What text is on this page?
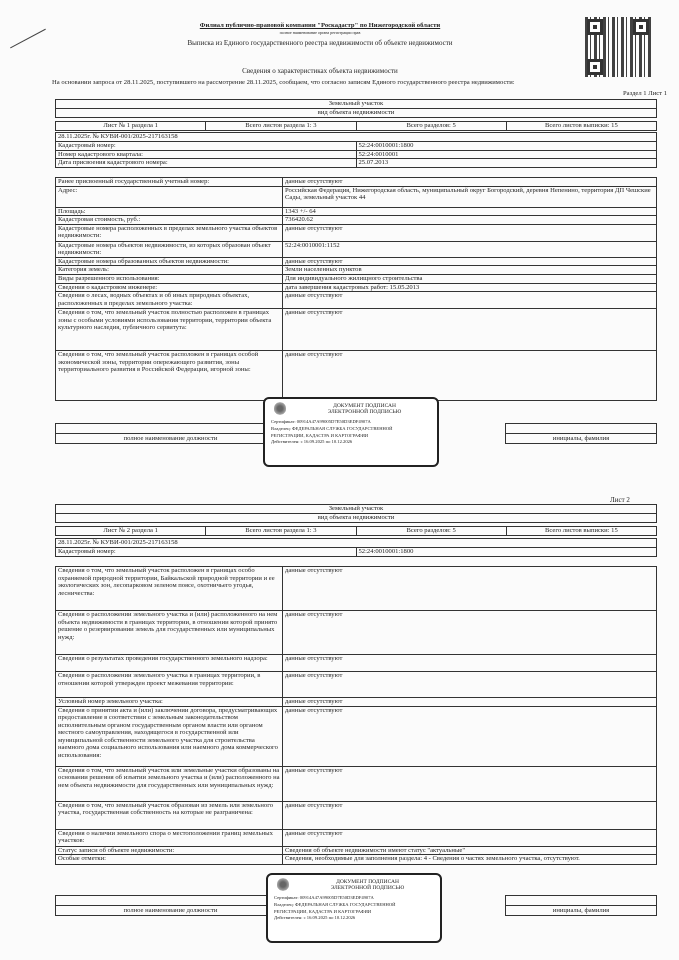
Филиал публично-правовой компании "Роскадастр" по Нижегородской области
полное наименование органа регистрации прав
Выписка из Единого государственного реестра недвижимости об объекте недвижимости
Сведения о характеристиках объекта недвижимости
На основании запроса от 28.11.2025, поступившего на рассмотрение 28.11.2025, сообщаем, что согласно записям Единого государственного реестра недвижимости:
Раздел 1 Лист 1
Земельный участок
вид объекта недвижимости
Лист № 1 раздела 1	Всего листов раздела 1: 3	Всего разделов: 5	Всего листов выписки: 15
28.11.2025г. № КУВИ-001/2025-217163158	
Кадастровый номер:	52:24:0010001:1800
Номер кадастрового квартала:	52:24:0010001
Дата присвоения кадастрового номера:	25.07.2013
Ранее присвоенный государственный учетный номер:	данные отсутствуют
Адрес:	Российская Федерация, Нижегородская область, муниципальный округ Богородский, деревня Непенино, территория ДП Чешские Сады, земельный участок 44
Площадь:	1343 +/- 64
Кадастровая стоимость, руб.:	736420.62
Кадастровые номера расположенных в пределах земельного участка объектов недвижимости:	данные отсутствуют
Кадастровые номера объектов недвижимости, из которых образован объект недвижимости:	52:24:0010001:1152
Кадастровые номера образованных объектов недвижимости:	данные отсутствуют
Категория земель:	Земли населенных пунктов
Виды разрешенного использования:	Для индивидуального жилищного строительства
Сведения о кадастровом инженере:	дата завершения кадастровых работ: 15.05.2013
Сведения о лесах, водных объектах и об иных природных объектах, расположенных в пределах земельного участка:	данные отсутствуют
Сведения о том, что земельный участок полностью расположен в границах зоны с особыми условиями использования территории, территории объекта культурного наследия, публичного сервитута:	данные отсутствуют
Сведения о том, что земельный участок расположен в границах особой экономической зоны, территории опережающего развития, зоны территориального развития в Российской Федерации, игорной зоны:	данные отсутствуют
ДОКУМЕНТ ПОДПИСАН
ЭЛЕКТРОННОЙ ПОДПИСЬЮ
Сертификат: 00914A47A99005D7E50D3EDF4907A
Владелец: ФЕДЕРАЛЬНАЯ СЛУЖБА ГОСУДАРСТВЕННОЙ
РЕГИСТРАЦИИ, КАДАСТРА И КАРТОГРАФИИ
Действителен: с 16.09.2025 по 10.12.2026

полное наименование должности		инициалы, фамилия
Лист 2
Земельный участок
вид объекта недвижимости
Лист № 2 раздела 1	Всего листов раздела 1: 3	Всего разделов: 5	Всего листов выписки: 15
28.11.2025г. № КУВИ-001/2025-217163158
Кадастровый номер:	52:24:0010001:1800
Сведения о том, что земельный участок расположен в границах особо охраняемой природной территории, Байкальской природной территории и ее экологических зон, лесопарковом зеленом поясе, охотничьего угодья, лесничества:	данные отсутствуют
Сведения о расположении земельного участка и (или) расположенного на нем объекта недвижимости в границах территории, в отношении которой принято решение о резервировании земель для государственных или муниципальных нужд:	данные отсутствуют
Сведения о результатах проведения государственного земельного надзора:	данные отсутствуют
Сведения о расположении земельного участка в границах территории, в отношении которой утвержден проект межевания территории:	данные отсутствуют
Условный номер земельного участка:	данные отсутствуют
Сведения о принятии акта и (или) заключении договора, предусматривающих предоставление в соответствии с земельным законодательством исполнительным органом государственным органом власти или органом местного самоуправления, находящегося в государственной или муниципальной собственности земельного участка для строительства наемного дома социального использования или наемного дома коммерческого использования:	данные отсутствуют
Сведения о том, что земельный участок или земельные участки образованы на основании решения об изъятии земельного участка и (или) расположенного на нем объекта недвижимости для государственных или муниципальных нужд:	данные отсутствуют
Сведения о том, что земельный участок образован из земель или земельного участка, государственная собственность на которые не разграничена:	данные отсутствуют
Сведения о наличии земельного спора о местоположении границ земельных участков:	данные отсутствуют
Статус записи об объекте недвижимости:	Сведения об объекте недвижимости имеют статус "актуальные"
Особые отметки:	Сведения, необходимые для заполнения раздела: 4 - Сведения о частях земельного участка, отсутствуют.
ДОКУМЕНТ ПОДПИСАН
ЭЛЕКТРОННОЙ ПОДПИСЬЮ
Сертификат: 00914A47A99005D7E50D3EDF4907A
Владелец: ФЕДЕРАЛЬНАЯ СЛУЖБА ГОСУДАРСТВЕННОЙ
РЕГИСТРАЦИИ, КАДАСТРА И КАРТОГРАФИИ
Действителен: с 16.09.2025 по 10.12.2026

полное наименование должности		инициалы, фамилия
